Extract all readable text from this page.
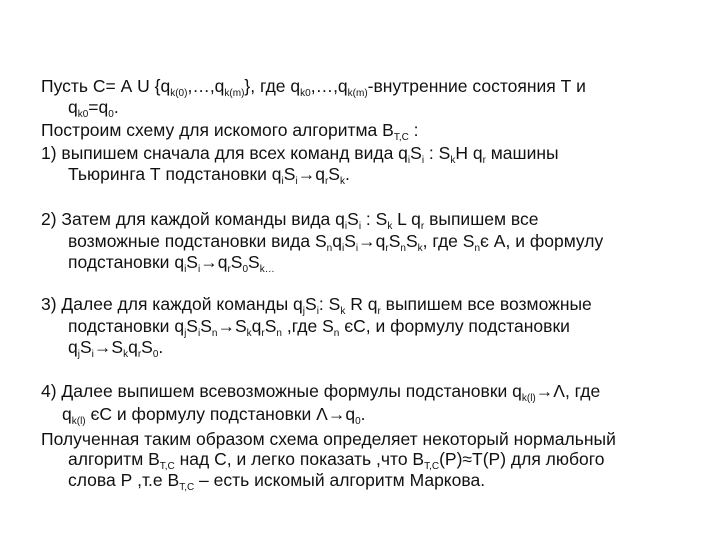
Пусть С= А U $\{q_{k(0)},\dots,q_{k(m)}\}$, где $q_{k0},\dots,q_{k(m)}$-внутренние состояния Т и
$q_{k0}=q_0$.
Построим схему для искомого алгоритма $В_{T,C}$ :
1) выпишем сначала для всех команд вида $q_iS_i$ : $S_kH$ $q_r$ машины
Тьюринга Т подстановки $q_iS_i\to q_rS_k$.
2) Затем для каждой команды вида $q_iS_i$ : $S_k$ L $q_r$ выпишем все
возможные подстановки вида $S_nq_iS_i\to q_rS_nS_k$, где $S_nє$ А, и формулу
подстановки $q_iS_i\to q_rS_0S_{k\dots}$
3) Далее для каждой команды $q_jS_i$: $S_k$ R $q_r$ выпишем все возможные
подстановки $q_jS_iS_n\to S_kq_rS_n$ ,где $S_n$ єС, и формулу подстановки
$q_jS_i\to S_kq_rS_0$.
4) Далее выпишем всевозможные формулы подстановки $q_{k(l)}\to\Lambda$, где
$q_{k(l)}$ єС и формулу подстановки $\Lambda\to q_0$.
Полученная таким образом схема определяет некоторый нормальный
алгоритм $В_{T,C}$ над С, и легко показать ,что $В_{T,C}(Р)\approx Т(Р)$ для любого
слова Р ,т.е $В_{T,C}$ – есть искомый алгоритм Маркова.
